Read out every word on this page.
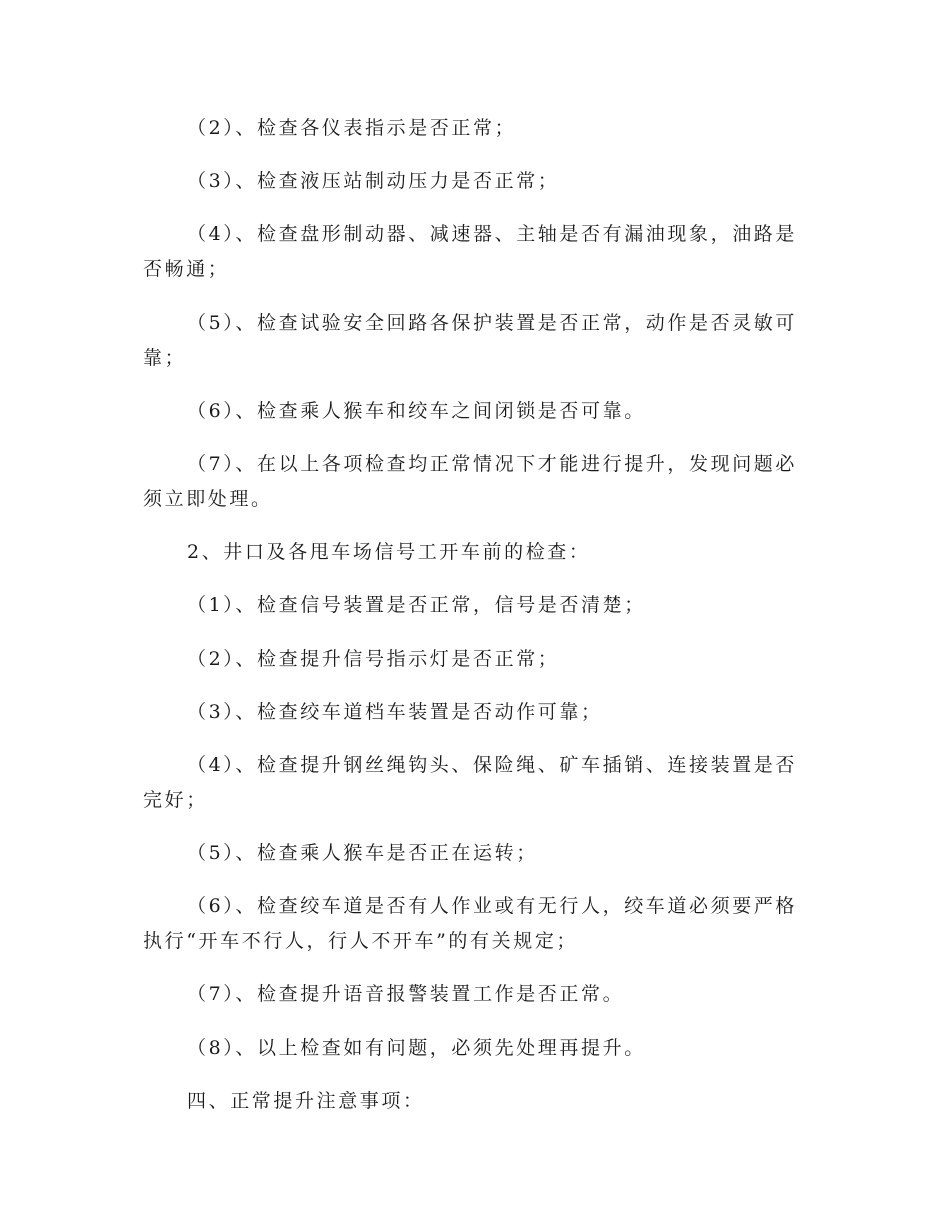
（2）、检查各仪表指示是否正常；

（3）、检查液压站制动压力是否正常；

（4）、检查盘形制动器、减速器、主轴是否有漏油现象，油路是否畅通；

（5）、检查试验安全回路各保护装置是否正常，动作是否灵敏可靠；

（6）、检查乘人猴车和绞车之间闭锁是否可靠。

（7）、在以上各项检查均正常情况下才能进行提升，发现问题必须立即处理。

2、井口及各甩车场信号工开车前的检查：

（1）、检查信号装置是否正常，信号是否清楚；

（2）、检查提升信号指示灯是否正常；

（3）、检查绞车道档车装置是否动作可靠；

（4）、检查提升钢丝绳钩头、保险绳、矿车插销、连接装置是否完好；

（5）、检查乘人猴车是否正在运转；

（6）、检查绞车道是否有人作业或有无行人，绞车道必须要严格执行“开车不行人，行人不开车”的有关规定；

（7）、检查提升语音报警装置工作是否正常。

（8）、以上检查如有问题，必须先处理再提升。

四、正常提升注意事项：
